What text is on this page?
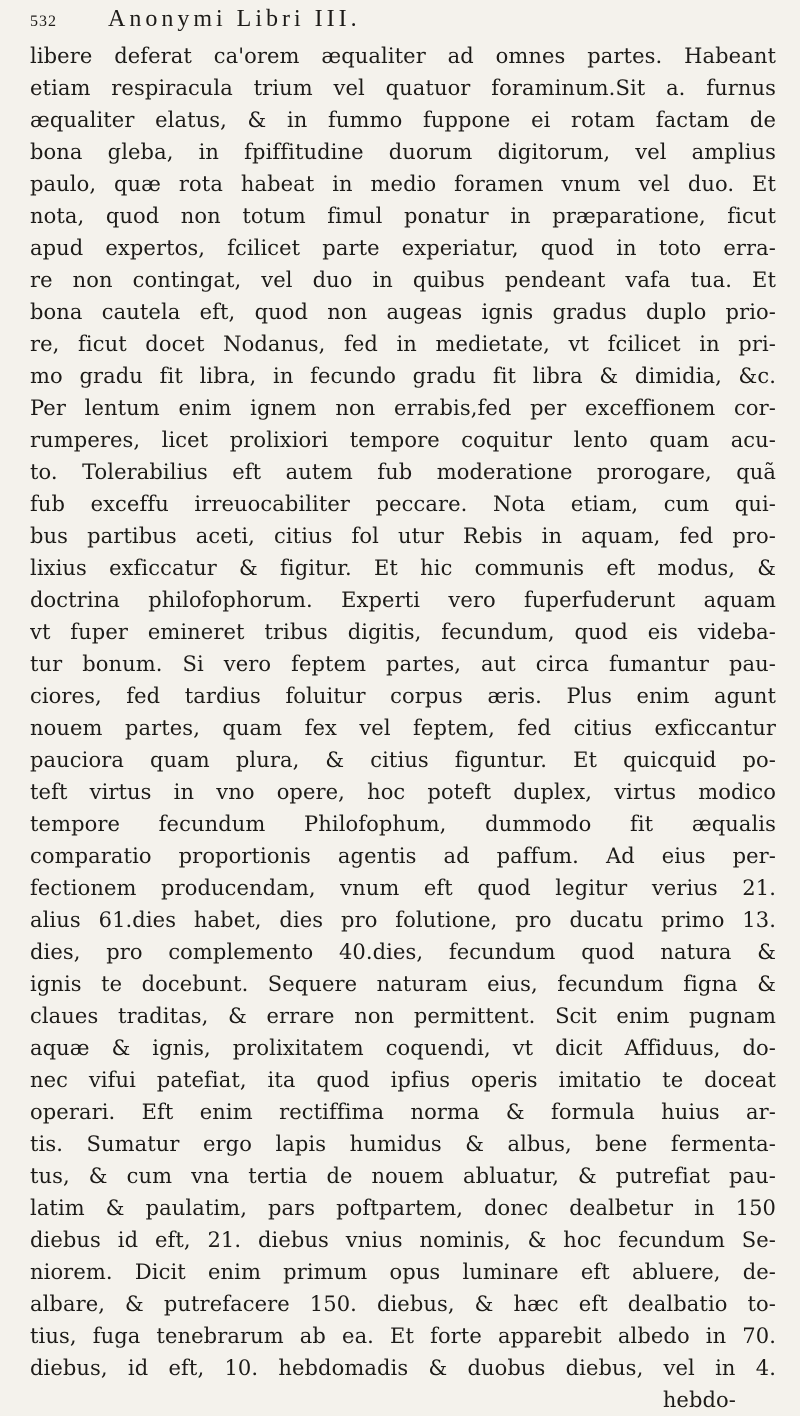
532	Anonymi Libri III.
libere deferat ca'orem æqualiter ad omnes partes. Habeant
etiam respiracula trium vel quatuor foraminum.Sit a. furnus
æqualiter elatus, & in fummo fuppone ei rotam factam de
bona gleba, in fpiffitudine duorum digitorum, vel amplius
paulo, quæ rota habeat in medio foramen vnum vel duo. Et
nota, quod non totum fimul ponatur in præparatione, ficut
apud expertos, fcilicet parte experiatur, quod in toto erra-
re non contingat, vel duo in quibus pendeant vafa tua. Et
bona cautela eft, quod non augeas ignis gradus duplo prio-
re, ficut docet Nodanus, fed in medietate, vt fcilicet in pri-
mo gradu fit libra, in fecundo gradu fit libra & dimidia, &c.
Per lentum enim ignem non errabis,fed per exceffionem cor-
rumperes, licet prolixiori tempore coquitur lento quam acu-
to. Tolerabilius eft autem fub moderatione prorogare, quã
fub exceffu irreuocabiliter peccare. Nota etiam, cum qui-
bus partibus aceti, citius fol utur Rebis in aquam, fed pro-
lixius exficcatur & figitur. Et hic communis eft modus, &
doctrina philofophorum. Experti vero fuperfuderunt aquam
vt fuper emineret tribus digitis, fecundum, quod eis videba-
tur bonum. Si vero feptem partes, aut circa fumantur pau-
ciores, fed tardius foluitur corpus æris. Plus enim agunt
nouem partes, quam fex vel feptem, fed citius exficcantur
pauciora quam plura, & citius figuntur. Et quicquid po-
teft virtus in vno opere, hoc poteft duplex, virtus modico
tempore fecundum Philofophum, dummodo fit æqualis
comparatio proportionis agentis ad paffum. Ad eius per-
fectionem producendam, vnum eft quod legitur verius 21.
alius 61.dies habet, dies pro folutione, pro ducatu primo 13.
dies, pro complemento 40.dies, fecundum quod natura &
ignis te docebunt. Sequere naturam eius, fecundum figna &
claues traditas, & errare non permittent. Scit enim pugnam
aquæ & ignis, prolixitatem coquendi, vt dicit Affiduus, do-
nec vifui patefiat, ita quod ipfius operis imitatio te doceat
operari. Eft enim rectiffima norma & formula huius ar-
tis. Sumatur ergo lapis humidus & albus, bene fermenta-
tus, & cum vna tertia de nouem abluatur, & putrefiat pau-
latim & paulatim, pars poftpartem, donec dealbetur in 150
diebus id eft, 21. diebus vnius nominis, & hoc fecundum Se-
niorem. Dicit enim primum opus luminare eft abluere, de-
albare, & putrefacere 150. diebus, & hæc eft dealbatio to-
tius, fuga tenebrarum ab ea. Et forte apparebit albedo in 70.
diebus, id eft, 10. hebdomadis & duobus diebus, vel in 4.
hebdo-
